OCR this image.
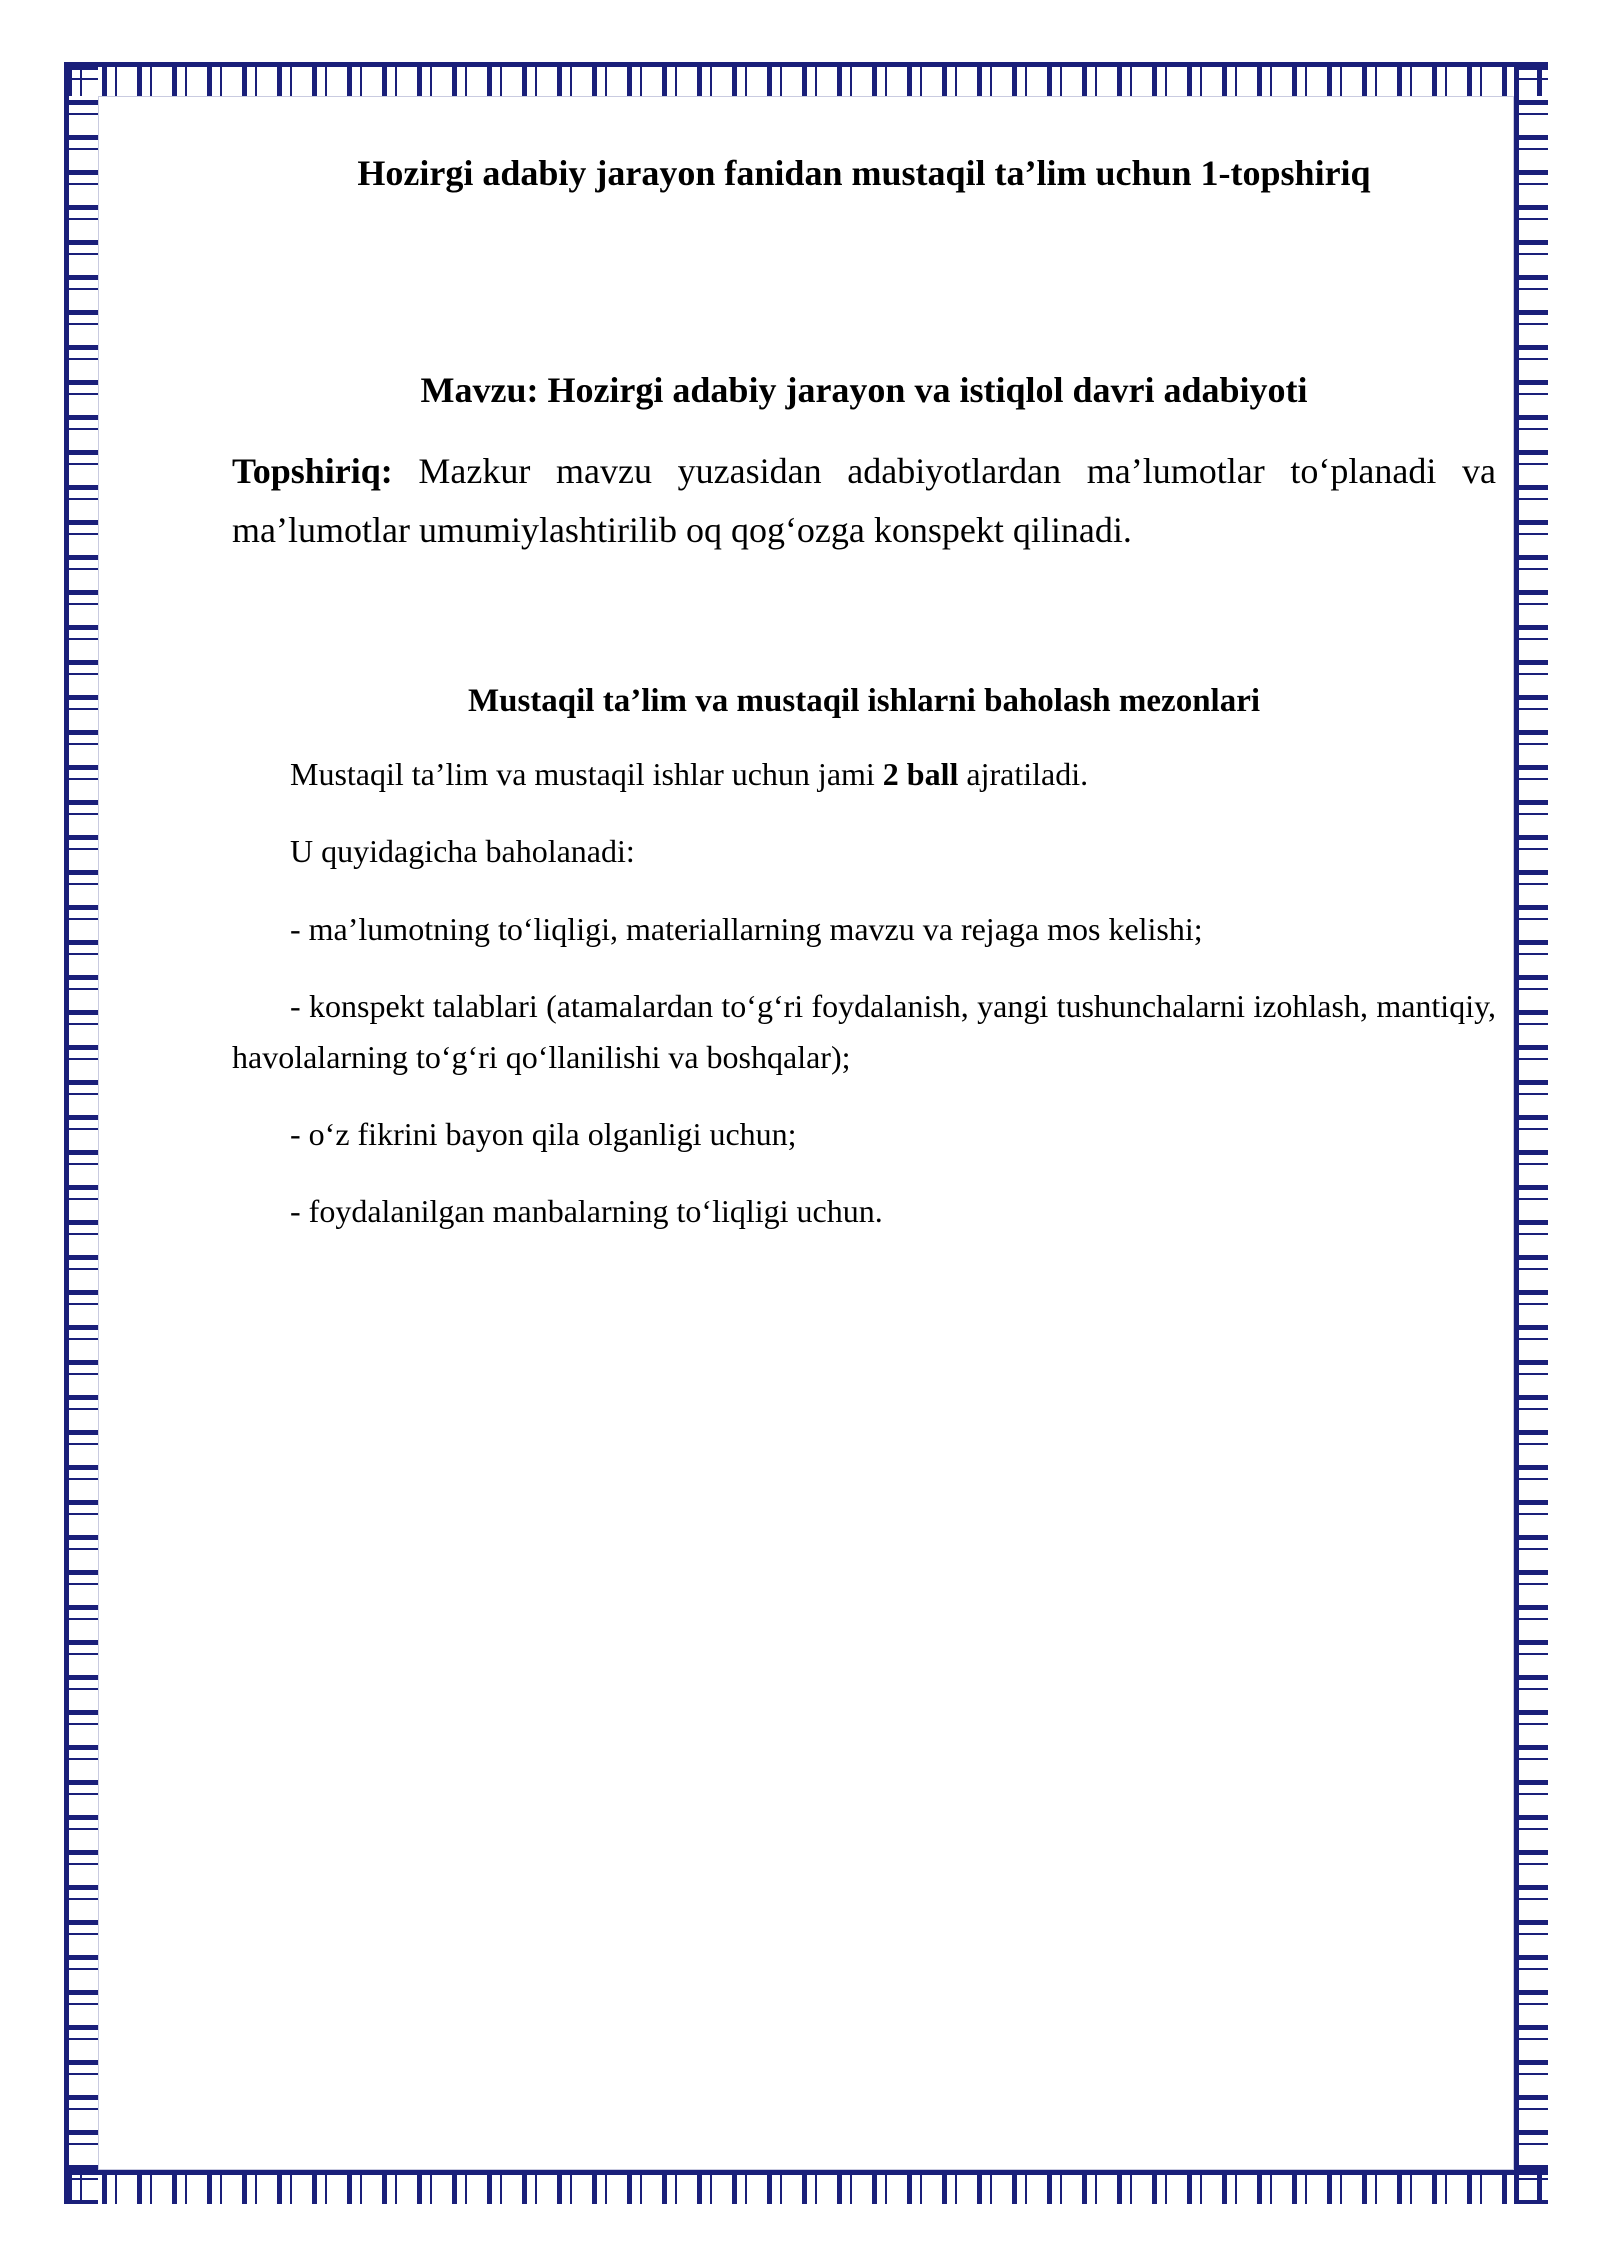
Hozirgi adabiy jarayon fanidan mustaqil ta’lim uchun 1-topshiriq

Mavzu: Hozirgi adabiy jarayon va istiqlol davri adabiyoti

Topshiriq: Mazkur mavzu yuzasidan adabiyotlardan ma’lumotlar to‘planadi va ma’lumotlar umumiylashtirilib oq qog‘ozga konspekt qilinadi.

Mustaqil ta’lim va mustaqil ishlarni baholash mezonlari

Mustaqil ta’lim va mustaqil ishlar uchun jami 2 ball ajratiladi.

U quyidagicha baholanadi:

- ma’lumotning to‘liqligi, materiallarning mavzu va rejaga mos kelishi;

- konspekt talablari (atamalardan to‘g‘ri foydalanish, yangi tushunchalarni izohlash, mantiqiy, havolalarning to‘g‘ri qo‘llanilishi va boshqalar);

- o‘z fikrini bayon qila olganligi uchun;

- foydalanilgan manbalarning to‘liqligi uchun.
